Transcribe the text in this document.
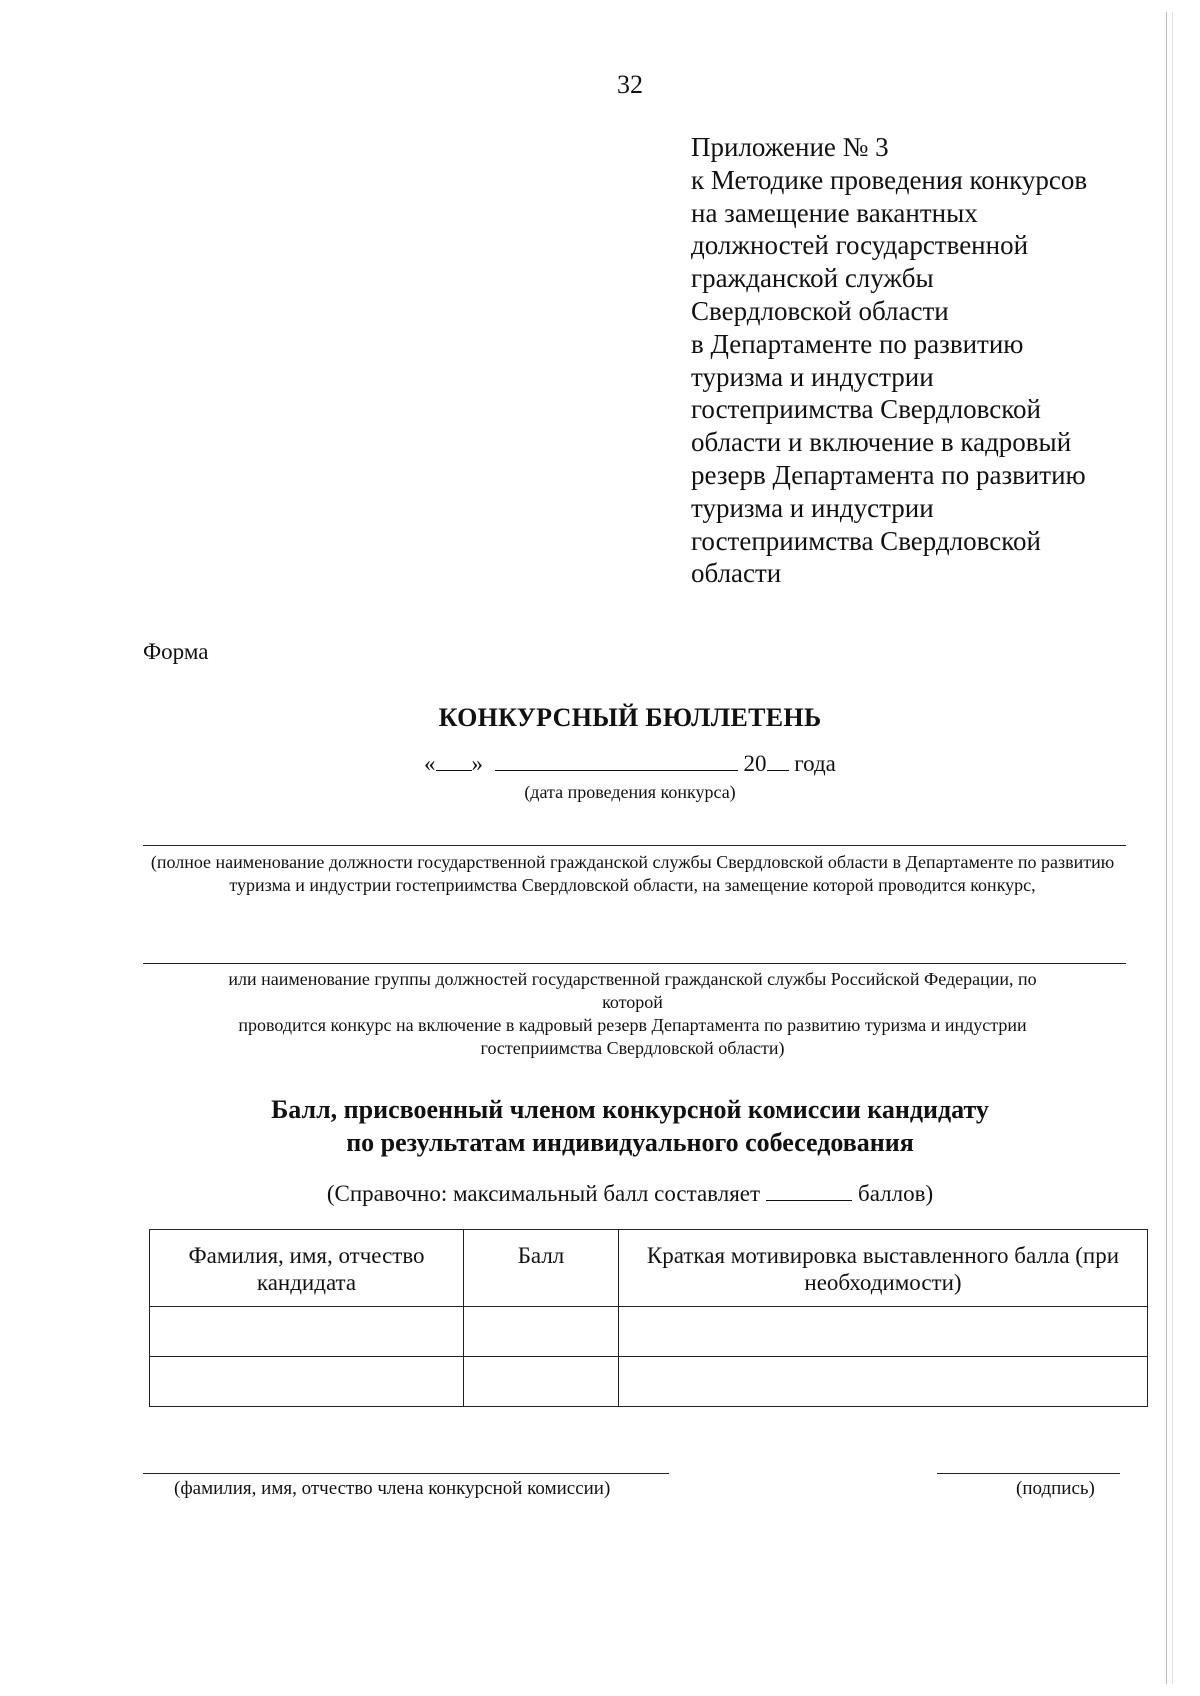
32
Приложение № 3
к Методике проведения конкурсов
на замещение вакантных
должностей государственной
гражданской службы
Свердловской области
в Департаменте по развитию
туризма и индустрии
гостеприимства Свердловской
области и включение в кадровый
резерв Департамента по развитию
туризма и индустрии
гостеприимства Свердловской
области
Форма
КОНКУРСНЫЙ БЮЛЛЕТЕНЬ
« »	20 года
(дата проведения конкурса)
(полное наименование должности государственной гражданской службы Свердловской области в Департаменте по развитию туризма и индустрии гостеприимства Свердловской области, на замещение которой проводится конкурс,
или наименование группы должностей государственной гражданской службы Российской Федерации, по
которой
проводится конкурс на включение в кадровый резерв Департамента по развитию туризма и индустрии
гостеприимства Свердловской области)
Балл, присвоенный членом конкурсной комиссии кандидату
по результатам индивидуального собеседования
(Справочно: максимальный балл составляет	баллов)
Фамилия, имя, отчество кандидата	Балл	Краткая мотивировка выставленного балла (при необходимости)

(фамилия, имя, отчество члена конкурсной комиссии)	(подпись)
